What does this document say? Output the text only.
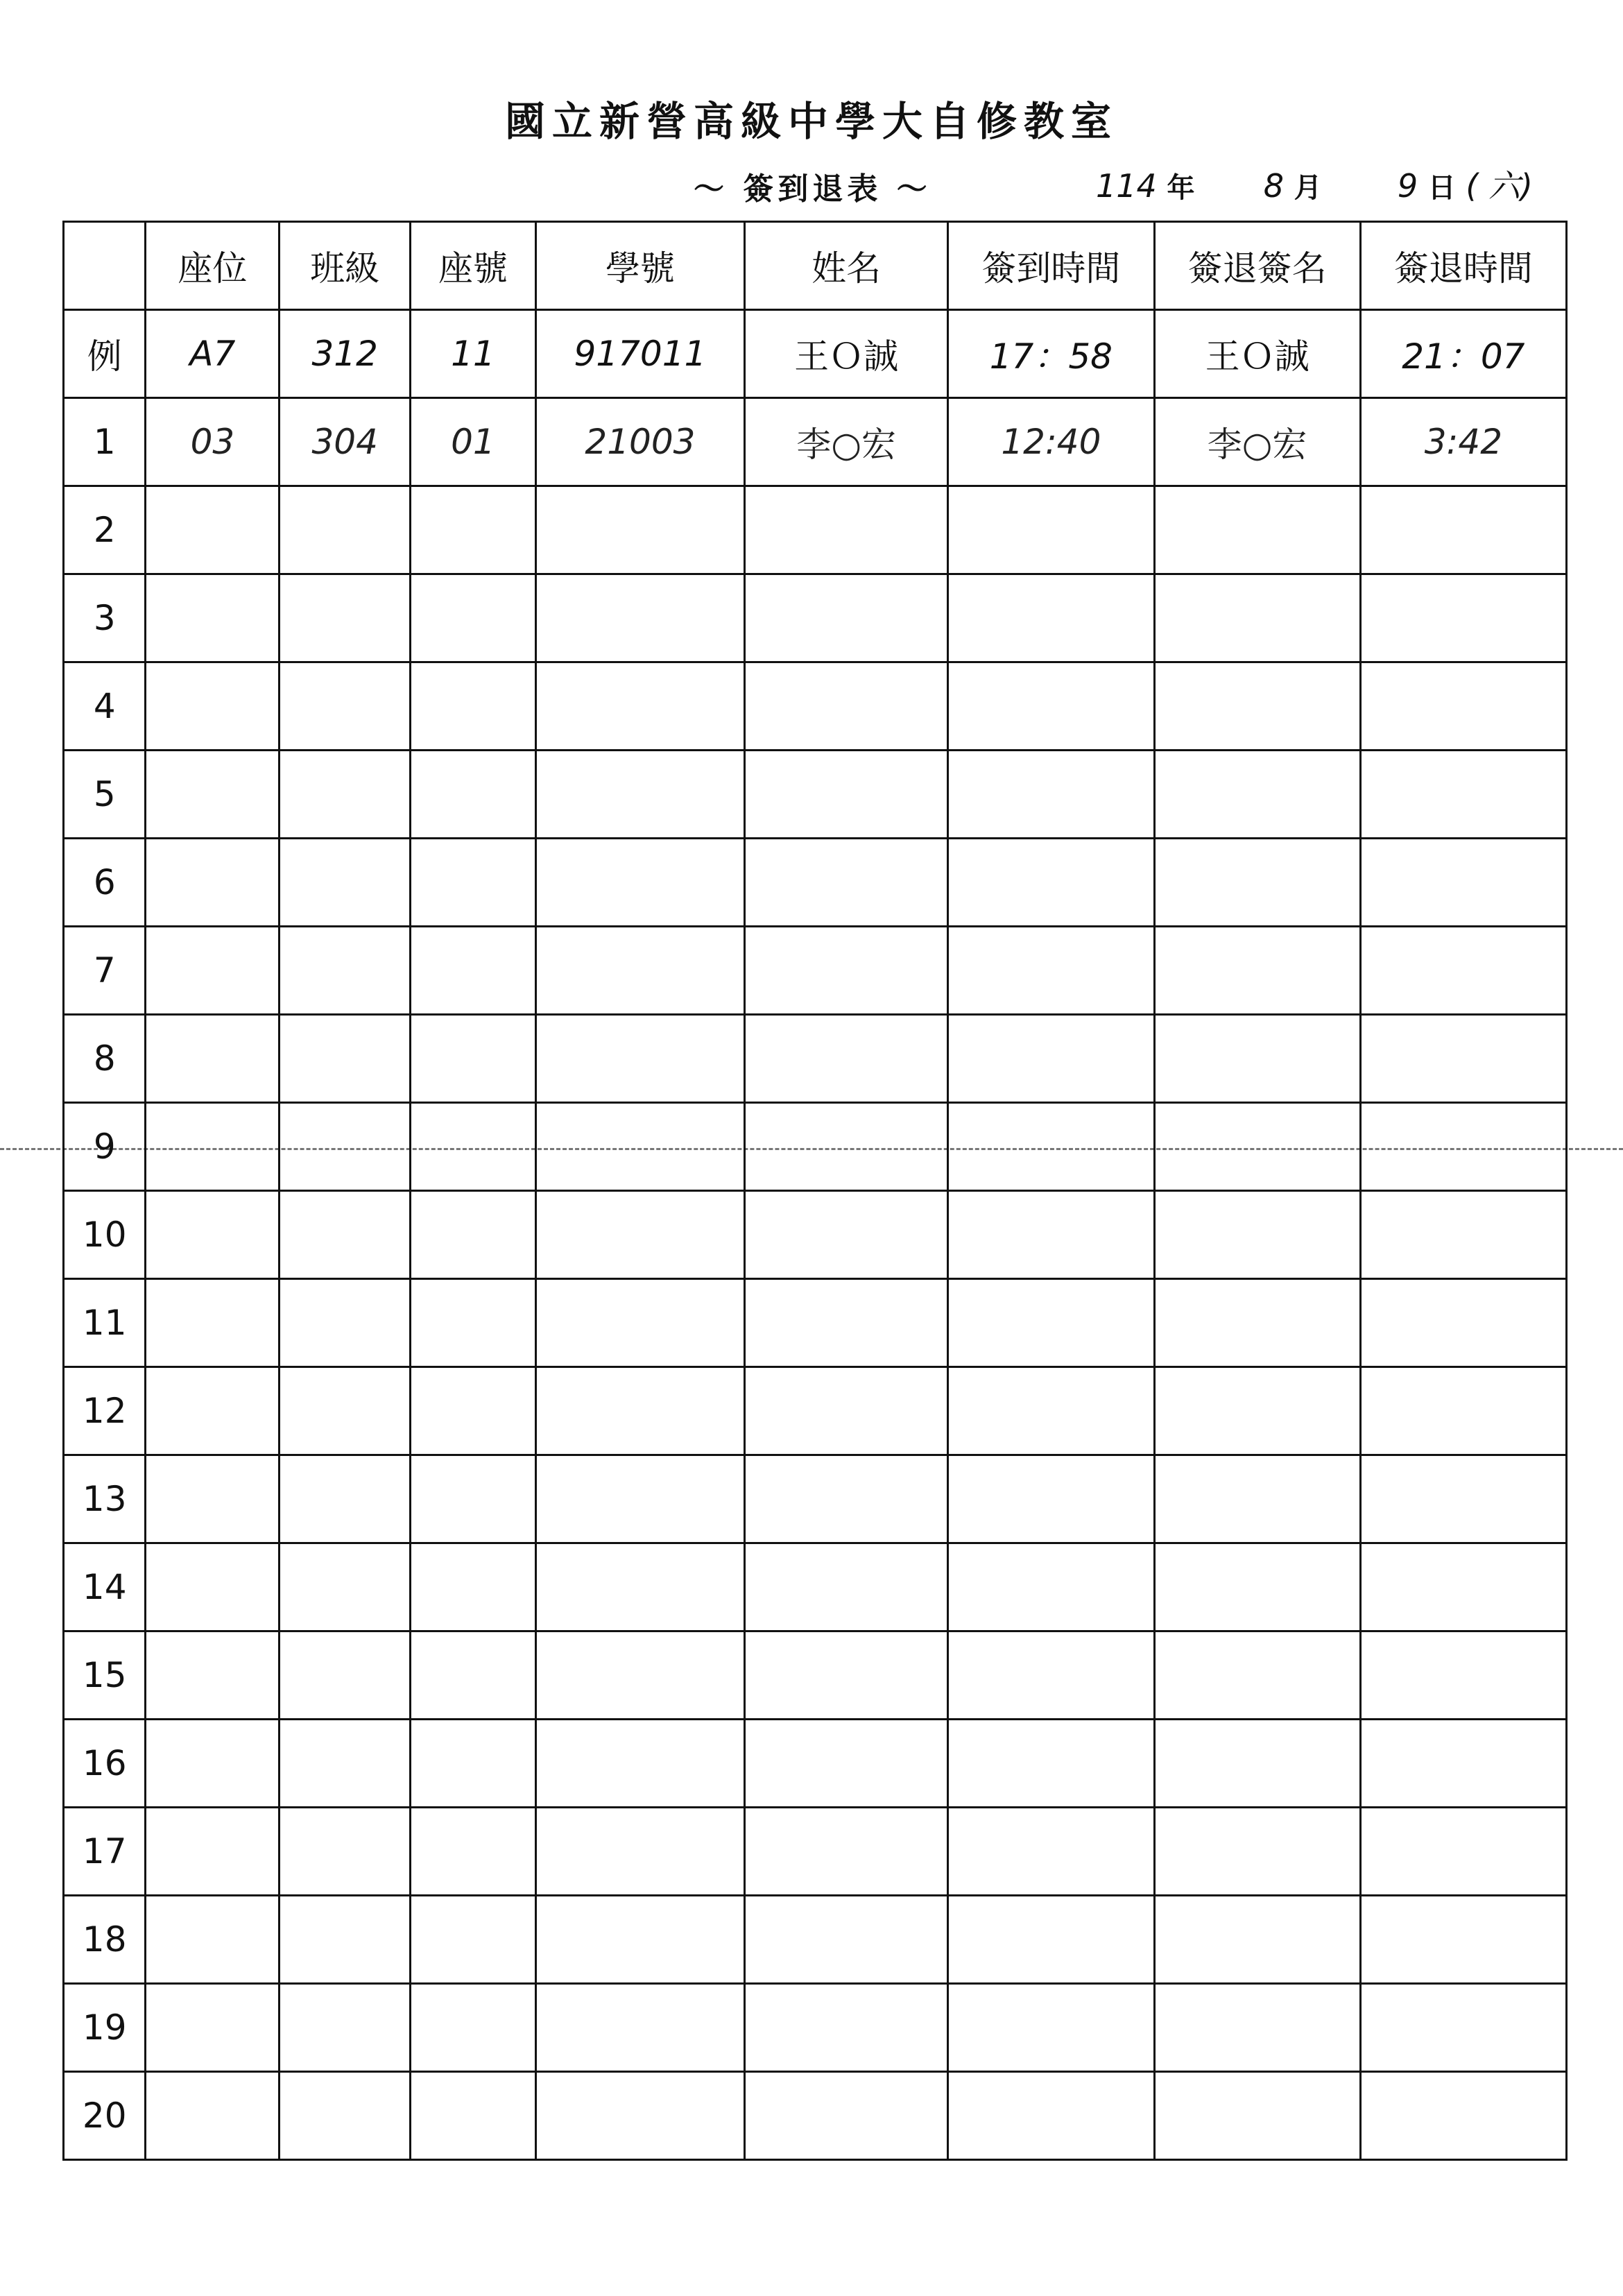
國立新營高級中學大自修教室
～ 簽到退表 ～	114 年 8 月 9 日 ( 六)
	座位	班級	座號	學號	姓名	簽到時間	簽退簽名	簽退時間
例	A7	312	11	917011	王Ｏ誠	17：58	王Ｏ誠	21：07
1	03	304	01	21003	李○宏	12:40	李○宏	3:42
2								
3								
4								
5								
6								
7								
8								
9								
10								
11								
12								
13								
14								
15								
16								
17								
18								
19								
20								
